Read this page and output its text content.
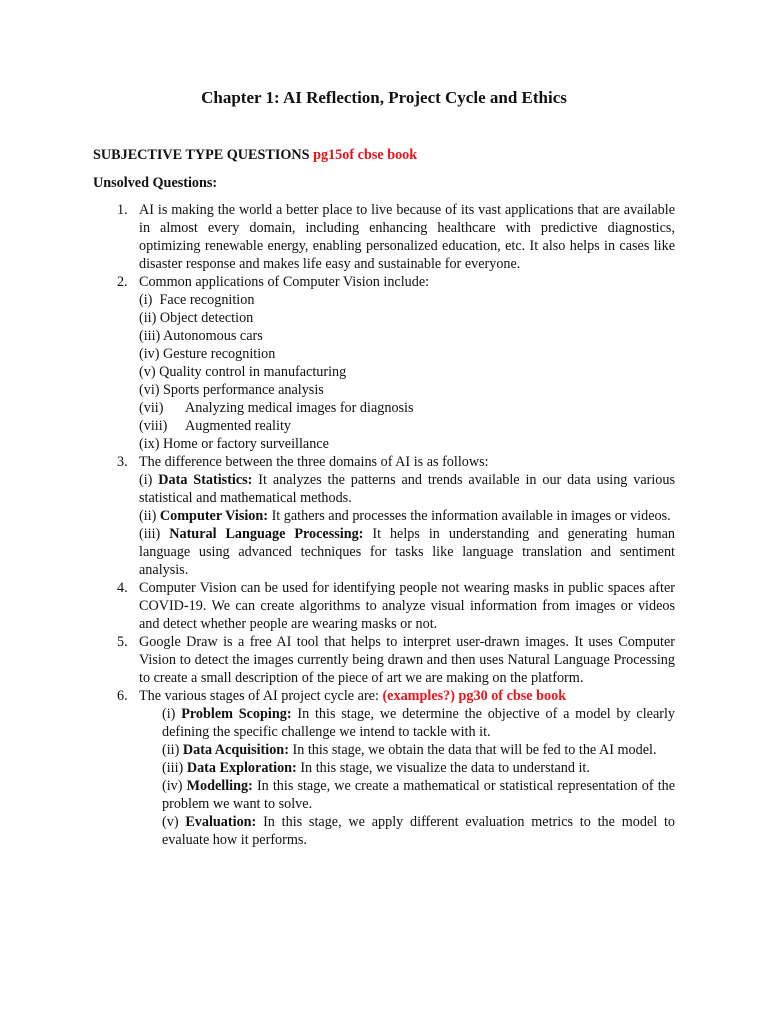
Chapter 1: AI Reflection, Project Cycle and Ethics
SUBJECTIVE TYPE QUESTIONS pg15of cbse book
Unsolved Questions:
1. AI is making the world a better place to live because of its vast applications that are available in almost every domain, including enhancing healthcare with predictive diagnostics, optimizing renewable energy, enabling personalized education, etc. It also helps in cases like disaster response and makes life easy and sustainable for everyone.
2. Common applications of Computer Vision include:
(i) Face recognition
(ii) Object detection
(iii) Autonomous cars
(iv) Gesture recognition
(v) Quality control in manufacturing
(vi) Sports performance analysis
(vii) Analyzing medical images for diagnosis
(viii) Augmented reality
(ix) Home or factory surveillance
3. The difference between the three domains of AI is as follows:
(i) Data Statistics: It analyzes the patterns and trends available in our data using various statistical and mathematical methods.
(ii) Computer Vision: It gathers and processes the information available in images or videos.
(iii) Natural Language Processing: It helps in understanding and generating human language using advanced techniques for tasks like language translation and sentiment analysis.
4. Computer Vision can be used for identifying people not wearing masks in public spaces after COVID-19. We can create algorithms to analyze visual information from images or videos and detect whether people are wearing masks or not.
5. Google Draw is a free AI tool that helps to interpret user-drawn images. It uses Computer Vision to detect the images currently being drawn and then uses Natural Language Processing to create a small description of the piece of art we are making on the platform.
6. The various stages of AI project cycle are: (examples?) pg30 of cbse book
(i) Problem Scoping: In this stage, we determine the objective of a model by clearly defining the specific challenge we intend to tackle with it.
(ii) Data Acquisition: In this stage, we obtain the data that will be fed to the AI model.
(iii) Data Exploration: In this stage, we visualize the data to understand it.
(iv) Modelling: In this stage, we create a mathematical or statistical representation of the problem we want to solve.
(v) Evaluation: In this stage, we apply different evaluation metrics to the model to evaluate how it performs.
